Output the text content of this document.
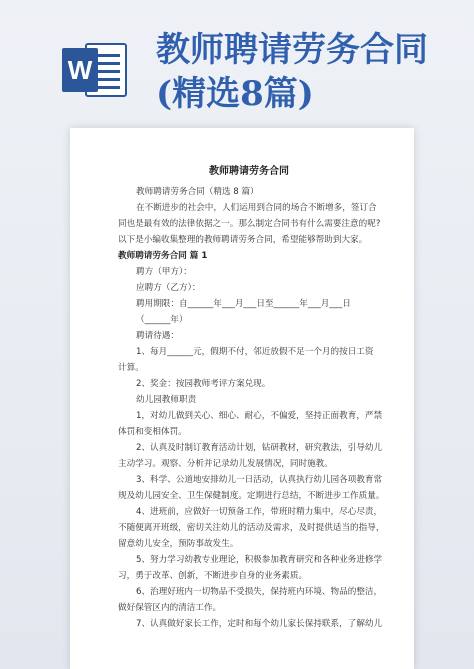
W 教师聘请劳务合同
(精选8篇)
教师聘请劳务合同
教师聘请劳务合同（精选 8 篇）
在不断进步的社会中，人们运用到合同的场合不断增多，签订合
同也是最有效的法律依据之一。那么制定合同书有什么需要注意的呢?
以下是小编收集整理的教师聘请劳务合同，希望能够帮助到大家。
教师聘请劳务合同 篇 1
聘方（甲方）：
应聘方（乙方）：
聘用期限：自______年___月___日至______年___月___日
（______年）
聘请待遇：
1、每月______元，假期不付，邻近放假不足一个月的按日工资
计算。
2、奖金：按园教师考评方案兑现。
幼儿园教师职责
1，对幼儿做到关心、细心、耐心，不偏爱，坚持正面教育，严禁
体罚和变相体罚。
2、认真及时制订教育活动计划，钻研教材，研究教法，引导幼儿
主动学习。观察、分析并记录幼儿发展情况，同时施教。
3、科学、公道地安排幼儿一日活动，认真执行幼儿园各项教育常
规及幼儿园安全、卫生保健制度。定期进行总结，不断进步工作质量。
4、进班前，应做好一切预备工作，带班时精力集中，尽心尽责，
不随便离开班级，密切关注幼儿的活动及需求，及时提供适当的指导，
留意幼儿安全，预防事故发生。
5、努力学习幼教专业理论，积极参加教育研究和各种业务进修学
习，勇于改革、创新，不断进步自身的业务素质。
6、治理好班内一切物品不受损失，保持班内环境、物品的整洁，
做好保管区内的清洁工作。
7、认真做好家长工作，定时和每个幼儿家长保持联系，了解幼儿
